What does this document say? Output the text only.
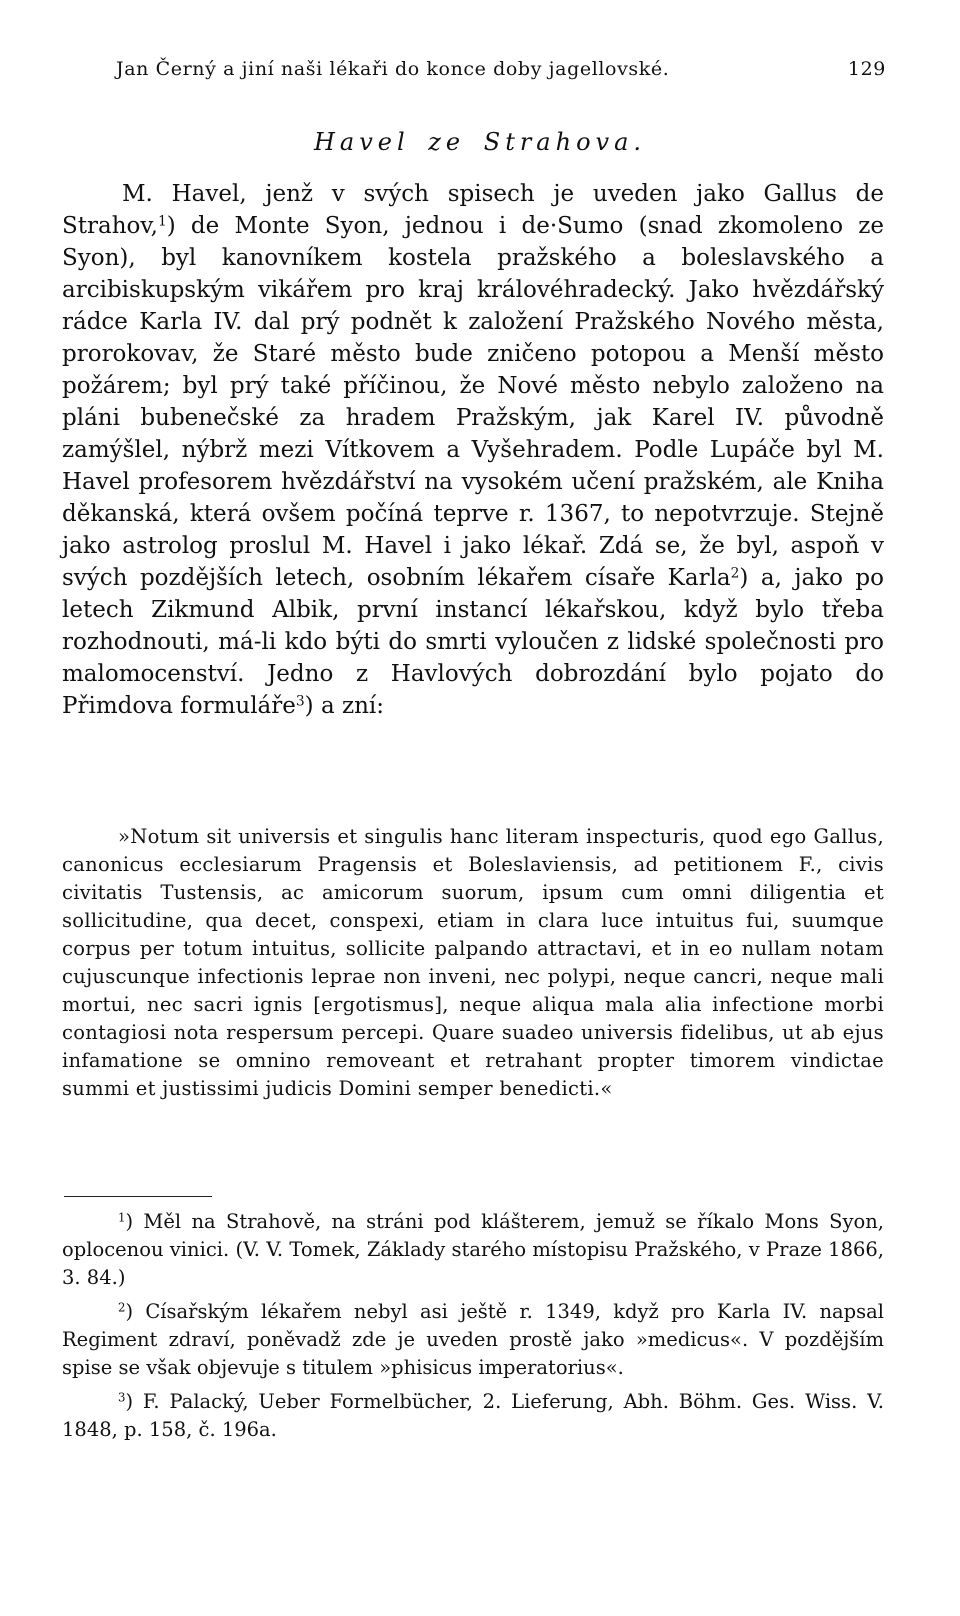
Jan Černý a jiní naši lékaři do konce doby jagellovské.	129
Havel ze Strahova.

M. Havel, jenž v svých spisech je uveden jako Gallus de Strahov,$^1$) de Monte Syon, jednou i de·Sumo (snad zkomoleno ze Syon), byl kanovníkem kostela pražského a boleslavského a arcibiskupským vikářem pro kraj královéhradecký. Jako hvězdářský rádce Karla IV. dal prý podnět k založení Pražského Nového města, prorokovav, že Staré město bude zničeno potopou a Menší město požárem; byl prý také příčinou, že Nové město nebylo založeno na pláni bubenečské za hradem Pražským, jak Karel IV. původně zamýšlel, nýbrž mezi Vítkovem a Vyšehradem. Podle Lupáče byl M. Havel profesorem hvězdářství na vysokém učení pražském, ale Kniha děkanská, která ovšem počíná teprve r. 1367, to nepotvrzuje. Stejně jako astrolog proslul M. Havel i jako lékař. Zdá se, že byl, aspoň v svých pozdějších letech, osobním lékařem císaře Karla$^2$) a, jako po letech Zikmund Albik, první instancí lékařskou, když bylo třeba rozhodnouti, má-li kdo býti do smrti vyloučen z lidské společnosti pro malomocenství. Jedno z Havlových dobrozdání bylo pojato do Přimdova formuláře$^3$) a zní:

»Notum sit universis et singulis hanc literam inspecturis, quod ego Gallus, canonicus ecclesiarum Pragensis et Boleslaviensis, ad petitionem F., civis civitatis Tustensis, ac amicorum suorum, ipsum cum omni diligentia et sollicitudine, qua decet, conspexi, etiam in clara luce intuitus fui, suumque corpus per totum intuitus, sollicite palpando attractavi, et in eo nullam notam cujuscunque infectionis leprae non inveni, nec polypi, neque cancri, neque mali mortui, nec sacri ignis [ergotismus], neque aliqua mala alia infectione morbi contagiosi nota respersum percepi. Quare suadeo universis fidelibus, ut ab ejus infamatione se omnino removeant et retrahant propter timorem vindictae summi et justissimi judicis Domini semper benedicti.«

$^1$) Měl na Strahově, na stráni pod klášterem, jemuž se říkalo Mons Syon, oplocenou vinici. (V. V. Tomek, Základy starého místopisu Pražského, v Praze 1866, 3. 84.)

$^2$) Císařským lékařem nebyl asi ještě r. 1349, když pro Karla IV. napsal Regiment zdraví, poněvadž zde je uveden prostě jako »medicus«. V pozdějším spise se však objevuje s titulem »phisicus imperatorius«.

$^3$) F. Palacký, Ueber Formelbücher, 2. Lieferung, Abh. Böhm. Ges. Wiss. V. 1848, p. 158, č. 196a.
